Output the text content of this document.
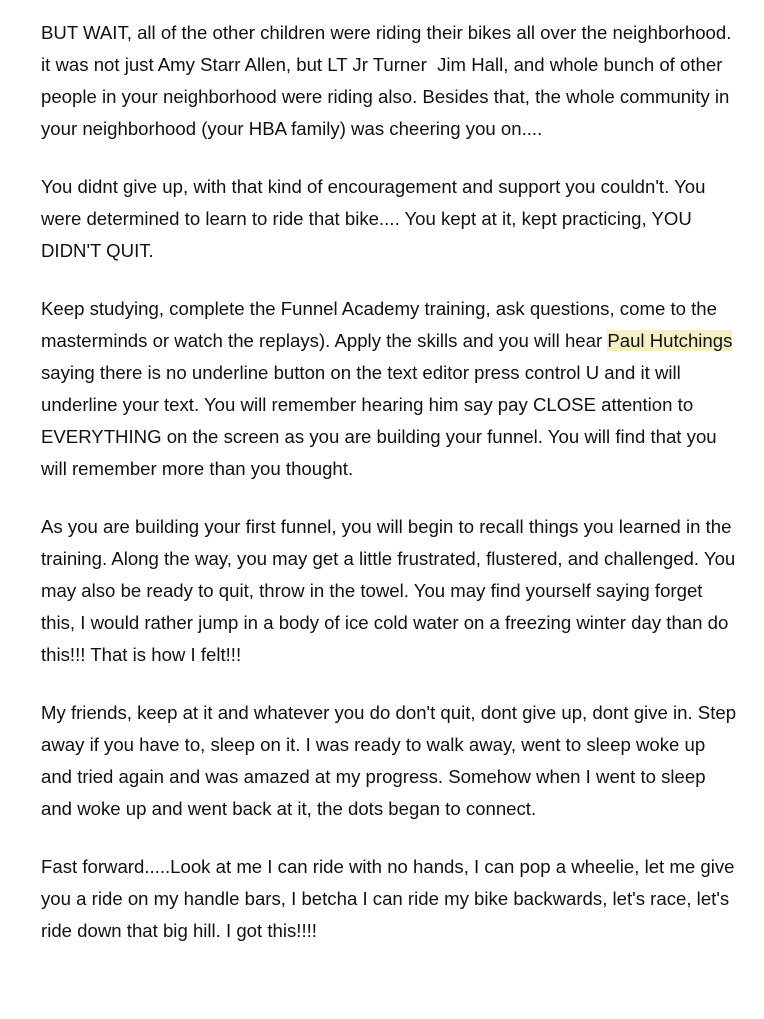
BUT WAIT, all of the other children were riding their bikes all over the neighborhood. it was not just Amy Starr Allen, but LT Jr Turner  Jim Hall, and whole bunch of other people in your neighborhood were riding also. Besides that, the whole community in your neighborhood (your HBA family) was cheering you on....

You didnt give up, with that kind of encouragement and support you couldn't. You were determined to learn to ride that bike.... You kept at it, kept practicing, YOU DIDN'T QUIT.

Keep studying, complete the Funnel Academy training, ask questions, come to the masterminds or watch the replays). Apply the skills and you will hear Paul Hutchings saying there is no underline button on the text editor press control U and it will underline your text. You will remember hearing him say pay CLOSE attention to EVERYTHING on the screen as you are building your funnel. You will find that you will remember more than you thought.

As you are building your first funnel, you will begin to recall things you learned in the training. Along the way, you may get a little frustrated, flustered, and challenged. You may also be ready to quit, throw in the towel. You may find yourself saying forget this, I would rather jump in a body of ice cold water on a freezing winter day than do this!!! That is how I felt!!!

My friends, keep at it and whatever you do don't quit, dont give up, dont give in. Step away if you have to, sleep on it. I was ready to walk away, went to sleep woke up and tried again and was amazed at my progress. Somehow when I went to sleep and woke up and went back at it, the dots began to connect.

Fast forward.....Look at me I can ride with no hands, I can pop a wheelie, let me give you a ride on my handle bars, I betcha I can ride my bike backwards, let's race, let's ride down that big hill. I got this!!!!
